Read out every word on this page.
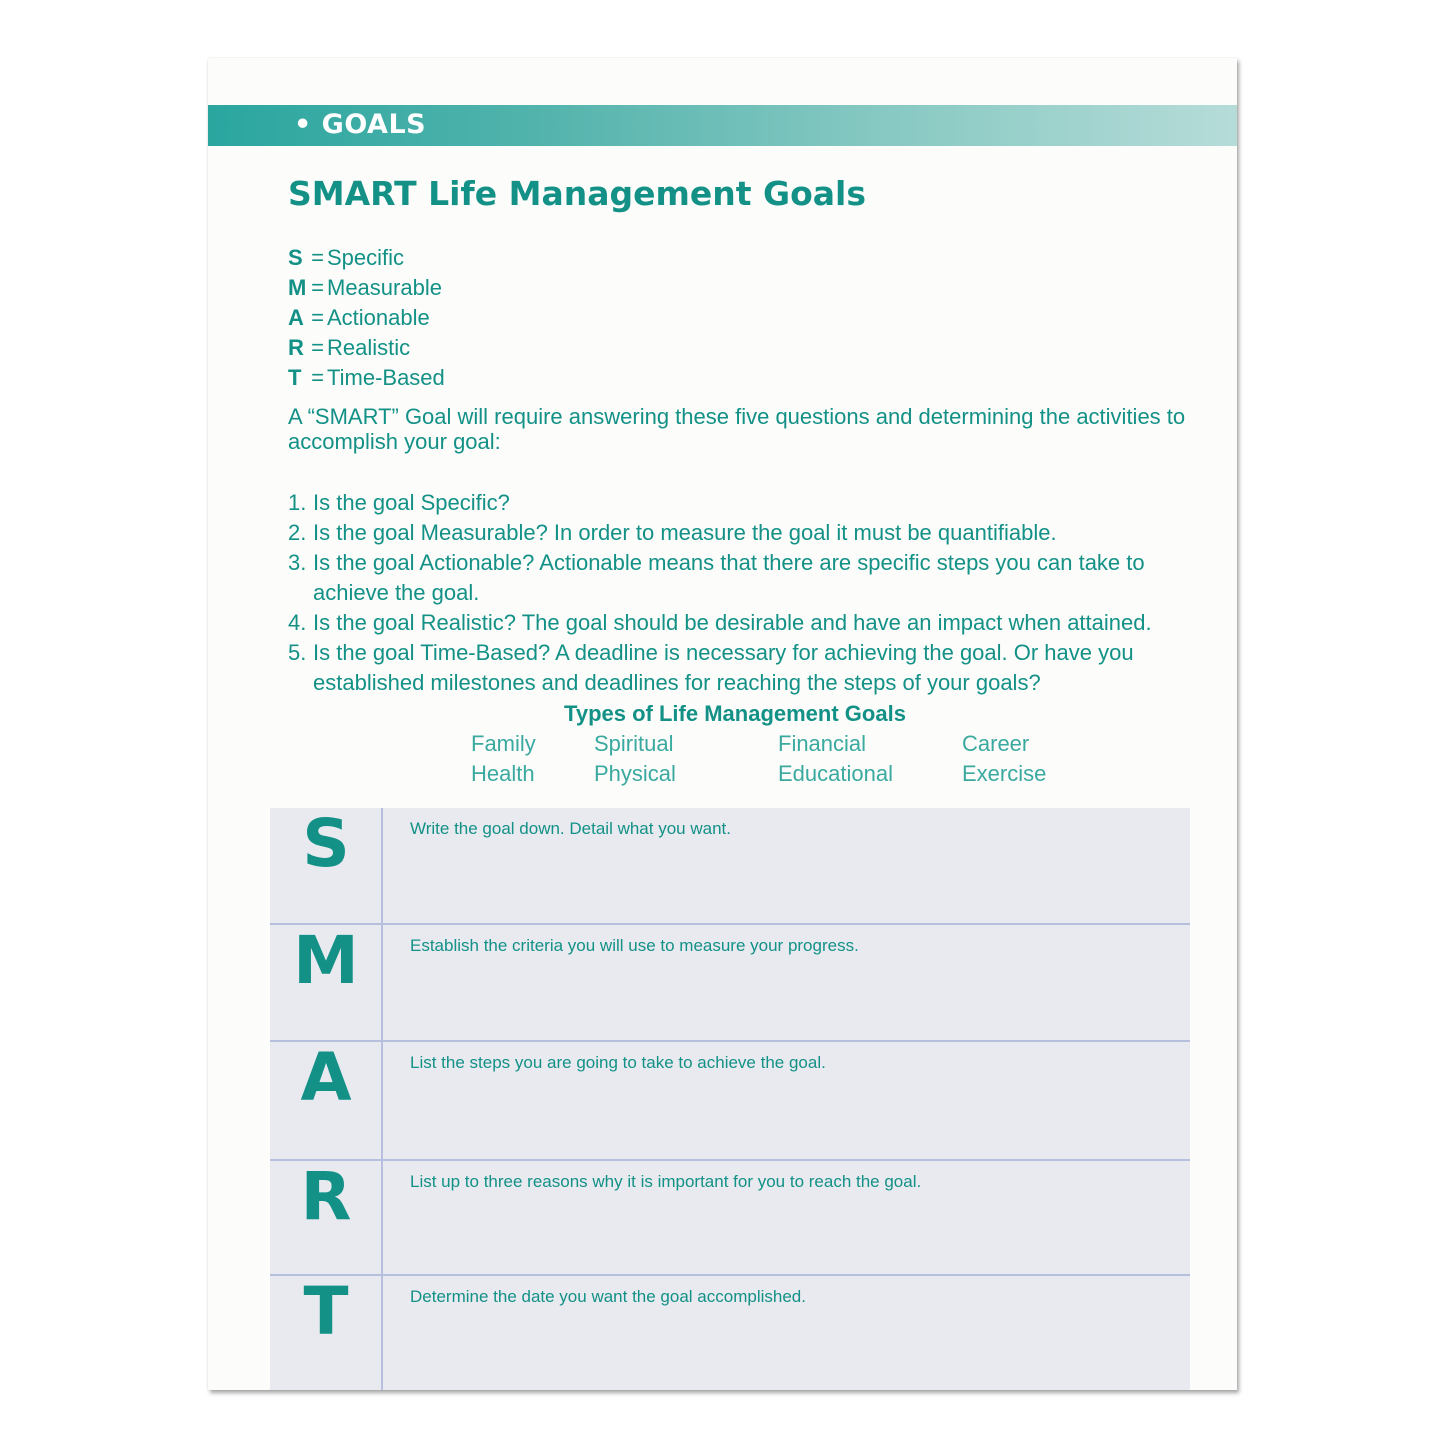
• GOALS
SMART Life Management Goals
S = Specific
M = Measurable
A = Actionable
R = Realistic
T = Time-Based
A “SMART” Goal will require answering these five questions and determining the activities to accomplish your goal:
1. Is the goal Specific?
2. Is the goal Measurable? In order to measure the goal it must be quantifiable.
3. Is the goal Actionable? Actionable means that there are specific steps you can take to achieve the goal.
4. Is the goal Realistic? The goal should be desirable and have an impact when attained.
5. Is the goal Time-Based? A deadline is necessary for achieving the goal. Or have you established milestones and deadlines for reaching the steps of your goals?
Types of Life Management Goals
Family	Spiritual	Financial	Career
Health	Physical	Educational	Exercise
S	Write the goal down. Detail what you want.
M	Establish the criteria you will use to measure your progress.
A	List the steps you are going to take to achieve the goal.
R	List up to three reasons why it is important for you to reach the goal.
T	Determine the date you want the goal accomplished.
